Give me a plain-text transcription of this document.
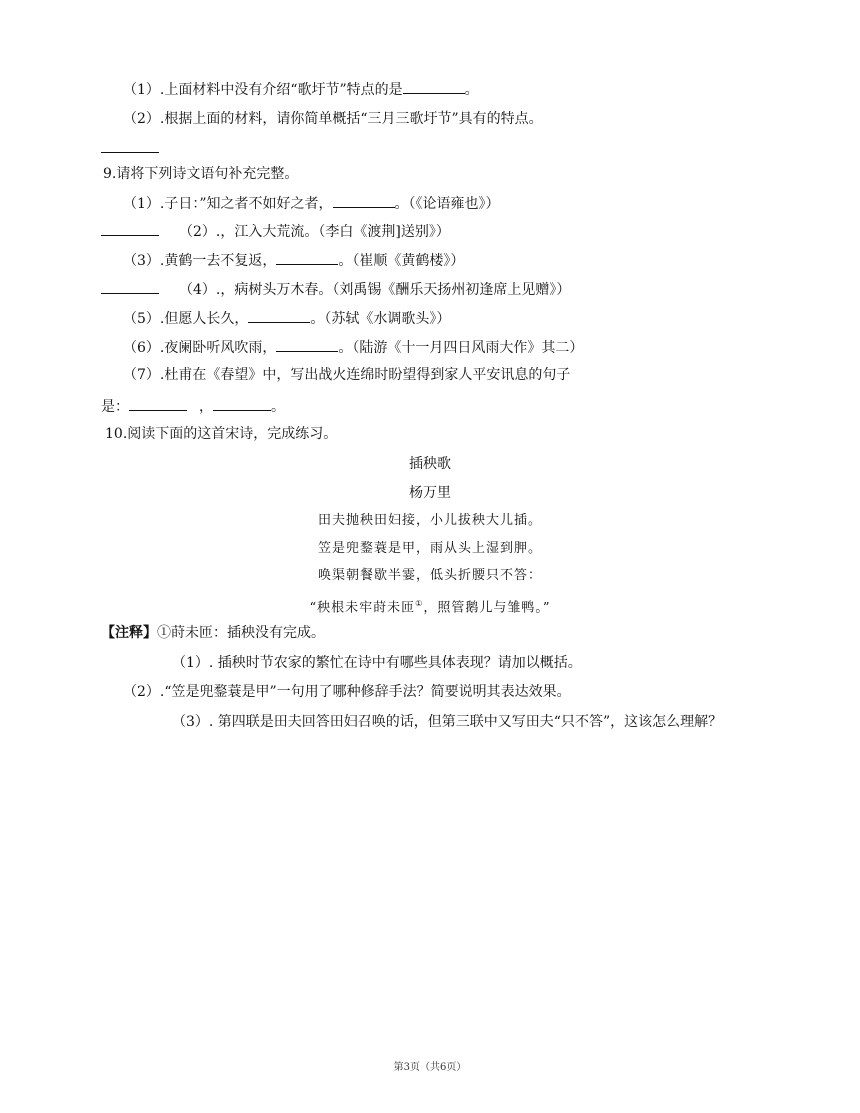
（1）.上面材料中没有介绍“歌圩节”特点的是	。
（2）.根据上面的材料，请你简单概括“三月三歌圩节”具有的特点。
9.请将下列诗文语句补充完整。
（1）.子日：”知之者不如好之者，	。（《论语雍也》）
（2）.，江入大荒流。（李白《渡荆]送别》）
（3）.黄鹤一去不复返，	。（崔顺《黄鹤楼》）
（4）.，病树头万木春。（刘禹锡《酬乐天扬州初逢席上见赠》）
（5）.但愿人长久，	。（苏轼《水调歌头》）
（6）.夜阑卧听风吹雨，	。（陆游《十一月四日风雨大作》其二）
（7）.杜甫在《春望》中，写出战火连绵时盼望得到家人平安讯息的句子
是：	，	。
10.阅读下面的这首宋诗，完成练习。
插秧歌
杨万里
田夫抛秧田妇接，小儿拔秧大儿插。
笠是兜鍪蓑是甲，雨从头上湿到胛。
唤渠朝餐歇半霎，低头折腰只不答：
“秧根未牢莳未匝①，照管鹅儿与雏鸭。”
【注释】①莳未匝：插秧没有完成。
（1）. 插秧时节农家的繁忙在诗中有哪些具体表现？请加以概括。
（2）.“笠是兜鍪蓑是甲”一句用了哪种修辞手法？简要说明其表达效果。
（3）. 第四联是田夫回答田妇召唤的话，但第三联中又写田夫“只不答”，这该怎么理解？
第3页（共6页）
